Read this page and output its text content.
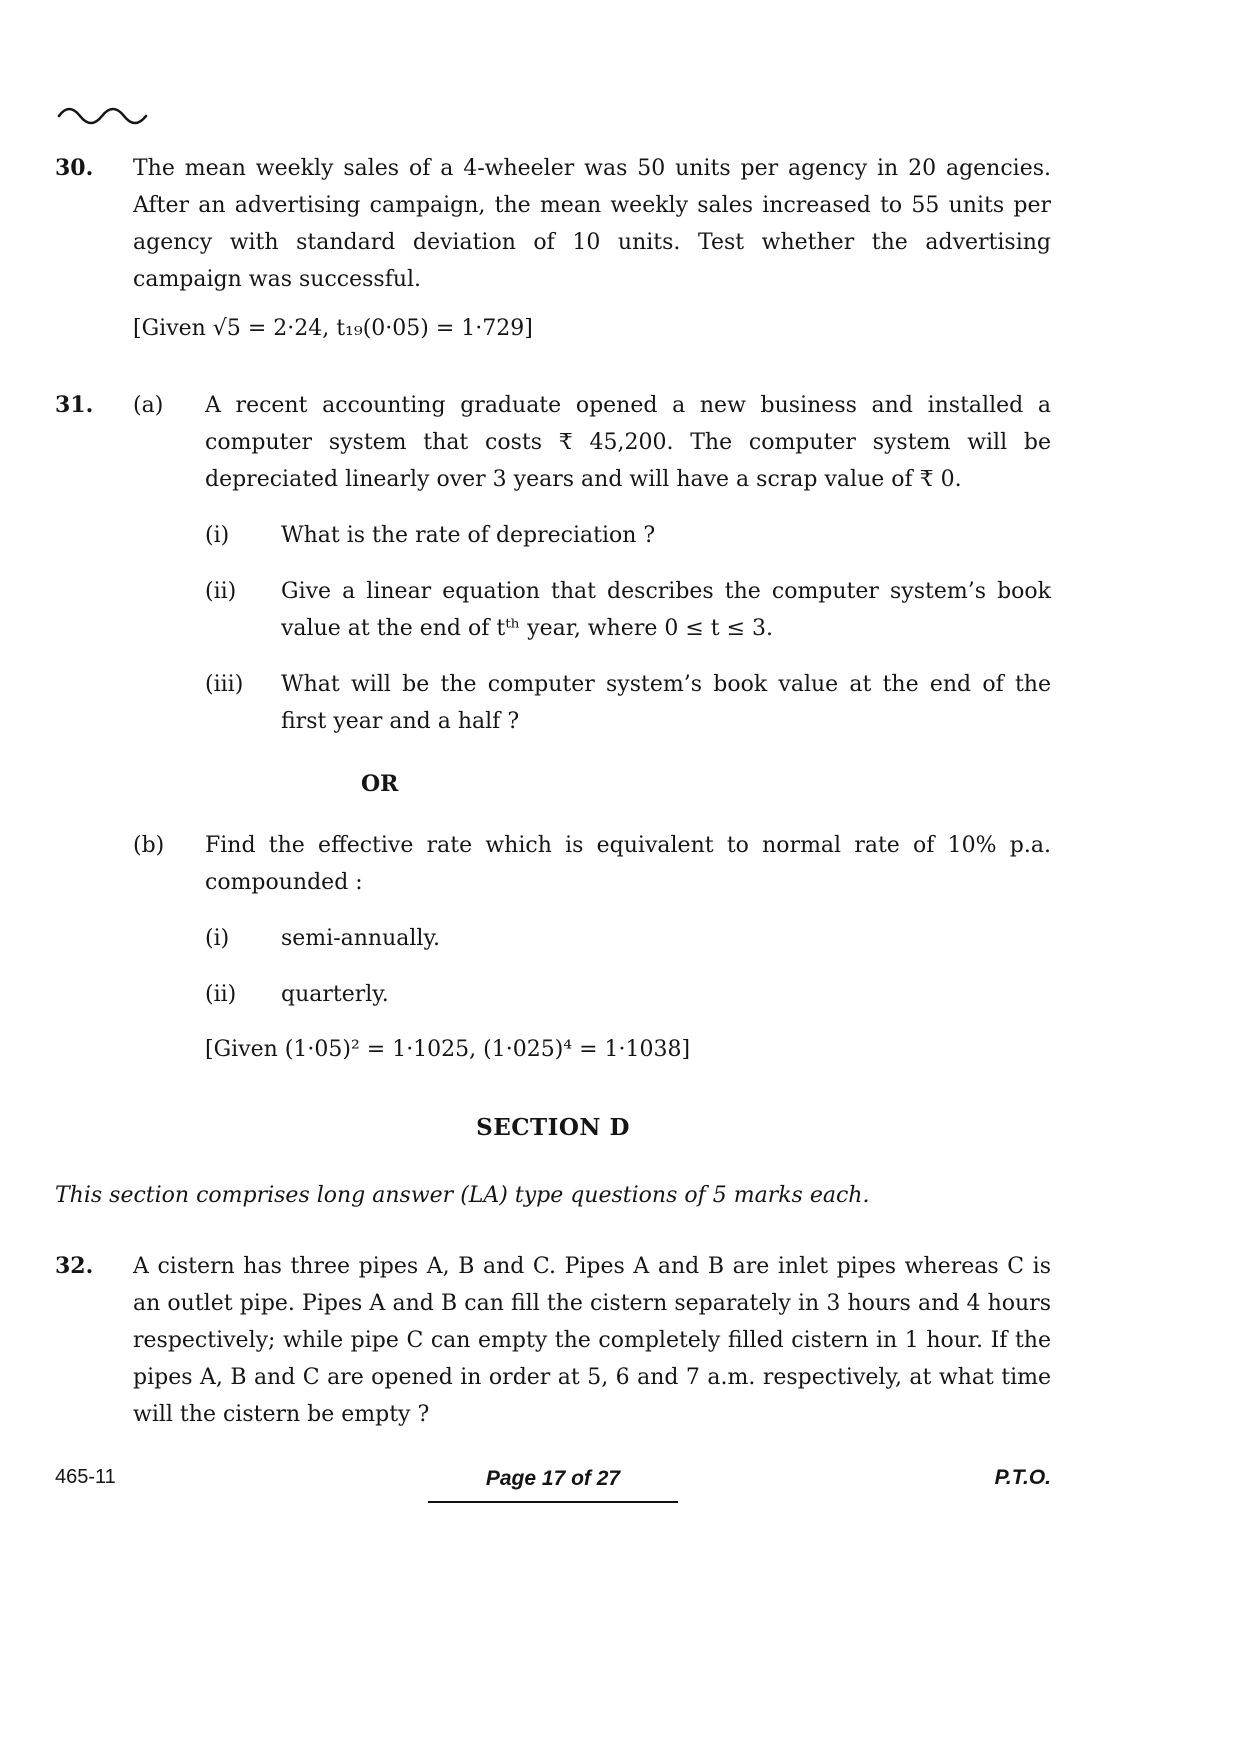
30.	The mean weekly sales of a 4-wheeler was 50 units per agency in 20 agencies. After an advertising campaign, the mean weekly sales increased to 55 units per agency with standard deviation of 10 units. Test whether the advertising campaign was successful.

[Given √5 = 2·24, t₁₉(0·05) = 1·729]

31.	(a)	A recent accounting graduate opened a new business and installed a computer system that costs ₹ 45,200. The computer system will be depreciated linearly over 3 years and will have a scrap value of ₹ 0.

(i)	What is the rate of depreciation ?
(ii)	Give a linear equation that describes the computer system’s book value at the end of tᵗʰ year, where 0 ≤ t ≤ 3.
(iii)	What will be the computer system’s book value at the end of the first year and a half ?
OR
(b)	Find the effective rate which is equivalent to normal rate of 10% p.a. compounded :

(i)	semi-annually.
(ii)	quarterly.

[Given (1·05)² = 1·1025, (1·025)⁴ = 1·1038]

SECTION D
This section comprises long answer (LA) type questions of 5 marks each.
32.	A cistern has three pipes A, B and C. Pipes A and B are inlet pipes whereas C is an outlet pipe. Pipes A and B can fill the cistern separately in 3 hours and 4 hours respectively; while pipe C can empty the completely filled cistern in 1 hour. If the pipes A, B and C are opened in order at 5, 6 and 7 a.m. respectively, at what time will the cistern be empty ?

465-11	Page 17 of 27	P.T.O.
